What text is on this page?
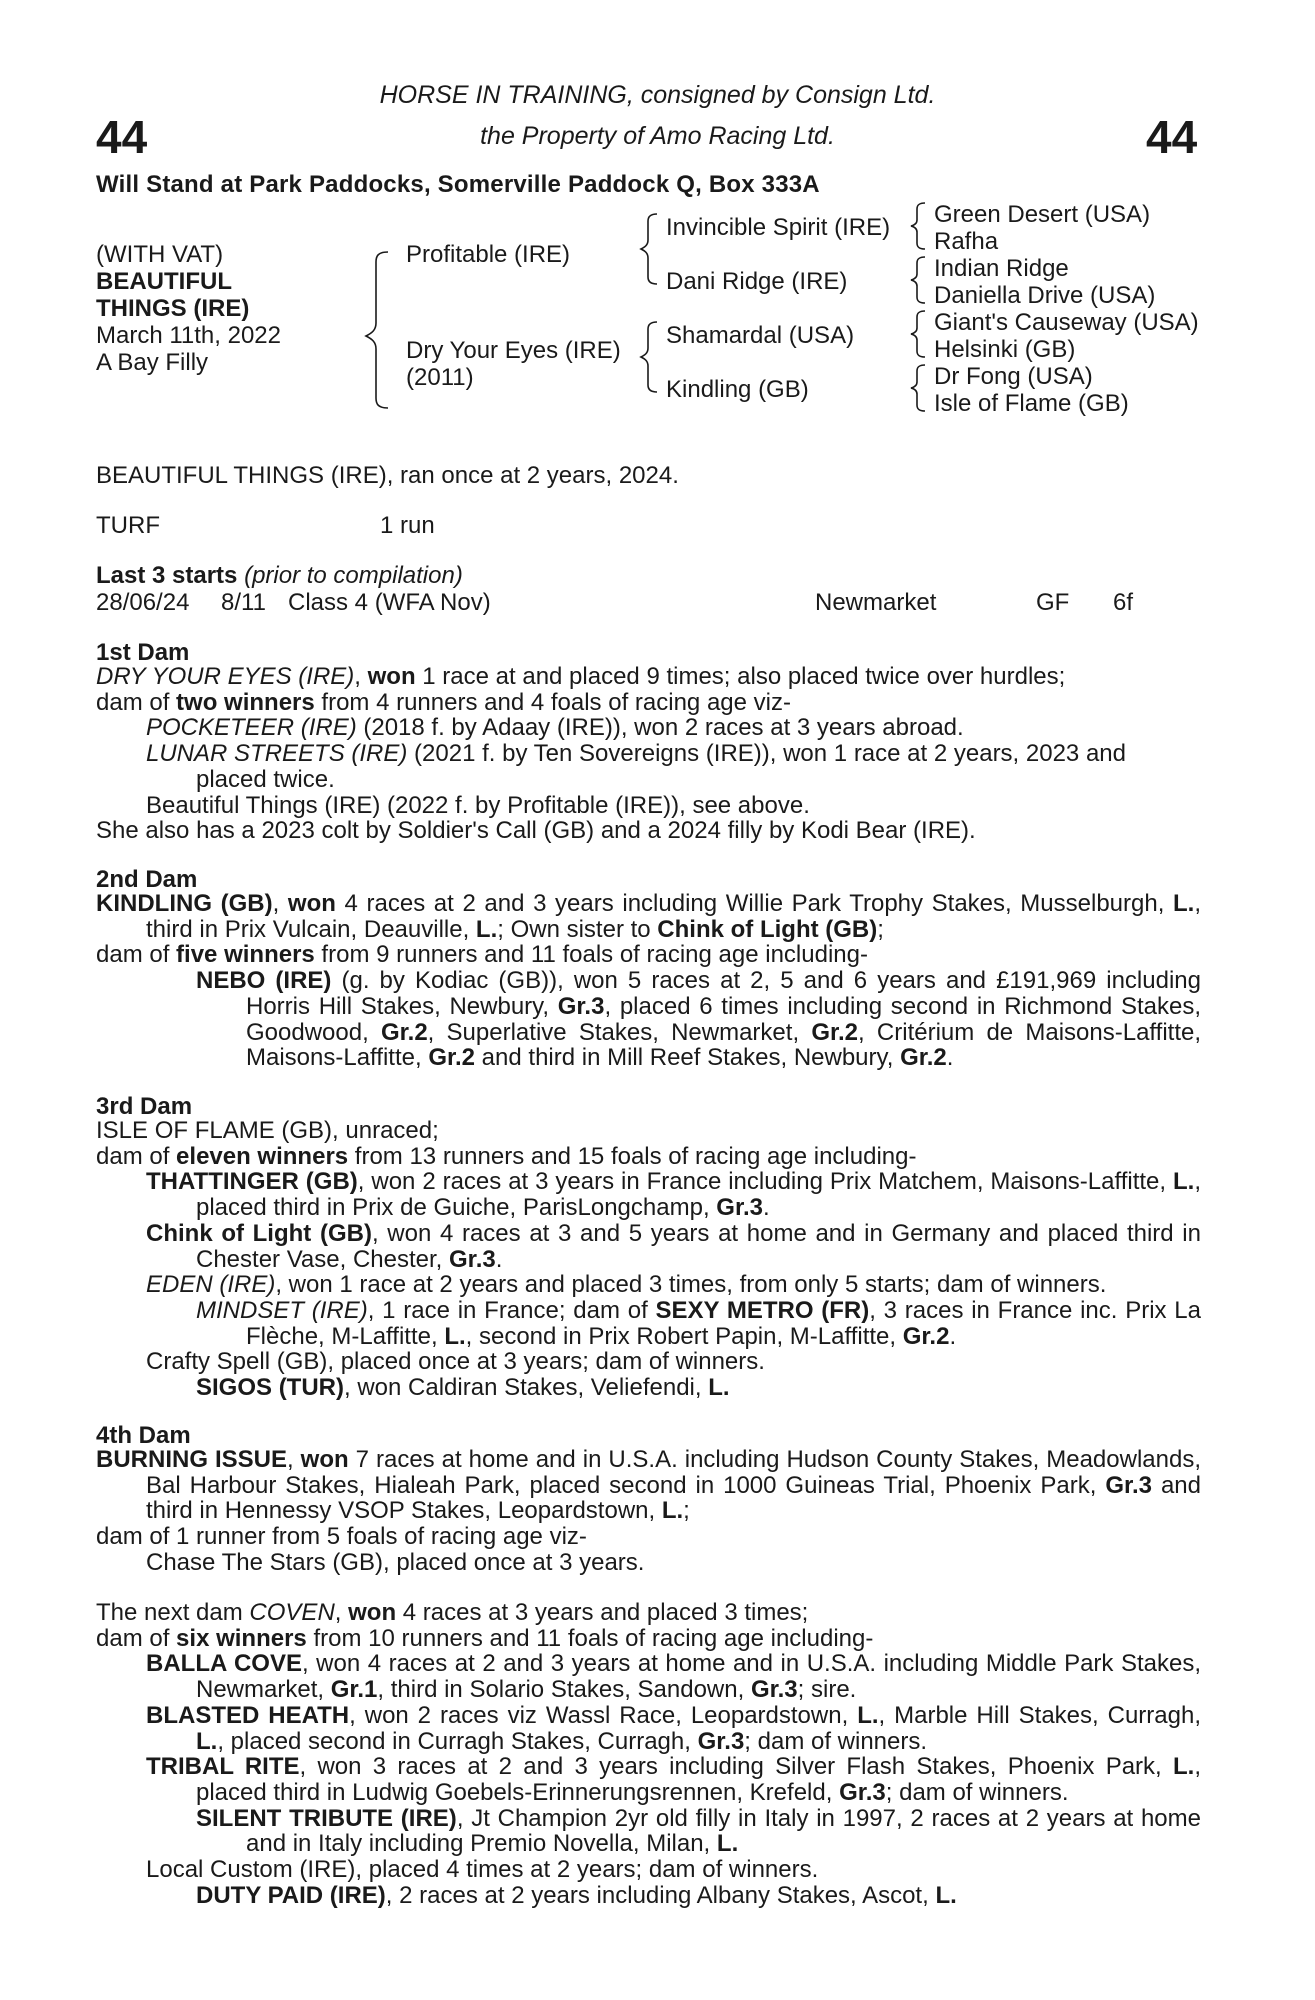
44	44
HORSE IN TRAINING, consigned by Consign Ltd.
the Property of Amo Racing Ltd.
Will Stand at Park Paddocks, Somerville Paddock Q, Box 333A
(WITH VAT)
BEAUTIFUL
THINGS (IRE)
March 11th, 2022
A Bay Filly
Profitable (IRE)
Dry Your Eyes (IRE)
(2011)
Invincible Spirit (IRE)
Dani Ridge (IRE)
Shamardal (USA)
Kindling (GB)
Green Desert (USA)
Rafha
Indian Ridge
Daniella Drive (USA)
Giant's Causeway (USA)
Helsinki (GB)
Dr Fong (USA)
Isle of Flame (GB)
BEAUTIFUL THINGS (IRE), ran once at 2 years, 2024.
TURF	1 run
Last 3 starts (prior to compilation)
28/06/24 8/11 Class 4 (WFA Nov)	Newmarket	GF 6f
1st Dam

DRY YOUR EYES (IRE), won 1 race at and placed 9 times; also placed twice over hurdles;

dam of two winners from 4 runners and 4 foals of racing age viz-

POCKETEER (IRE) (2018 f. by Adaay (IRE)), won 2 races at 3 years abroad.

LUNAR STREETS (IRE) (2021 f. by Ten Sovereigns (IRE)), won 1 race at 2 years, 2023 and placed twice.

Beautiful Things (IRE) (2022 f. by Profitable (IRE)), see above.

She also has a 2023 colt by Soldier's Call (GB) and a 2024 filly by Kodi Bear (IRE).

2nd Dam

KINDLING (GB), won 4 races at 2 and 3 years including Willie Park Trophy Stakes, Musselburgh, L., third in Prix Vulcain, Deauville, L.; Own sister to Chink of Light (GB);

dam of five winners from 9 runners and 11 foals of racing age including-

NEBO (IRE) (g. by Kodiac (GB)), won 5 races at 2, 5 and 6 years and £191,969 including Horris Hill Stakes, Newbury, Gr.3, placed 6 times including second in Richmond Stakes, Goodwood, Gr.2, Superlative Stakes, Newmarket, Gr.2, Critérium de Maisons-Laffitte, Maisons-Laffitte, Gr.2 and third in Mill Reef Stakes, Newbury, Gr.2.

3rd Dam

ISLE OF FLAME (GB), unraced;

dam of eleven winners from 13 runners and 15 foals of racing age including-

THATTINGER (GB), won 2 races at 3 years in France including Prix Matchem, Maisons-Laffitte, L., placed third in Prix de Guiche, ParisLongchamp, Gr.3.

Chink of Light (GB), won 4 races at 3 and 5 years at home and in Germany and placed third in Chester Vase, Chester, Gr.3.

EDEN (IRE), won 1 race at 2 years and placed 3 times, from only 5 starts; dam of winners.

MINDSET (IRE), 1 race in France; dam of SEXY METRO (FR), 3 races in France inc. Prix La Flèche, M-Laffitte, L., second in Prix Robert Papin, M-Laffitte, Gr.2.

Crafty Spell (GB), placed once at 3 years; dam of winners.

SIGOS (TUR), won Caldiran Stakes, Veliefendi, L.

4th Dam

BURNING ISSUE, won 7 races at home and in U.S.A. including Hudson County Stakes, Meadowlands, Bal Harbour Stakes, Hialeah Park, placed second in 1000 Guineas Trial, Phoenix Park, Gr.3 and third in Hennessy VSOP Stakes, Leopardstown, L.;

dam of 1 runner from 5 foals of racing age viz-

Chase The Stars (GB), placed once at 3 years.

The next dam COVEN, won 4 races at 3 years and placed 3 times;

dam of six winners from 10 runners and 11 foals of racing age including-

BALLA COVE, won 4 races at 2 and 3 years at home and in U.S.A. including Middle Park Stakes, Newmarket, Gr.1, third in Solario Stakes, Sandown, Gr.3; sire.

BLASTED HEATH, won 2 races viz Wassl Race, Leopardstown, L., Marble Hill Stakes, Curragh, L., placed second in Curragh Stakes, Curragh, Gr.3; dam of winners.

TRIBAL RITE, won 3 races at 2 and 3 years including Silver Flash Stakes, Phoenix Park, L., placed third in Ludwig Goebels-Erinnerungsrennen, Krefeld, Gr.3; dam of winners.

SILENT TRIBUTE (IRE), Jt Champion 2yr old filly in Italy in 1997, 2 races at 2 years at home and in Italy including Premio Novella, Milan, L.

Local Custom (IRE), placed 4 times at 2 years; dam of winners.

DUTY PAID (IRE), 2 races at 2 years including Albany Stakes, Ascot, L.
